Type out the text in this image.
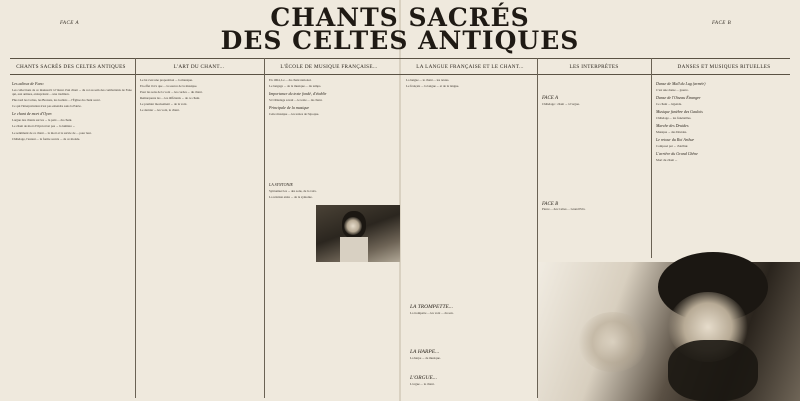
FACE A	FACE B
CHANTS SACRÉS
DES CELTES ANTIQUES
CHANTS SACRÉS DES CELTES ANTIQUES	L'ART DU CHANT...	L'ÉCOLE DE MUSIQUE FRANÇAISE...	LA LANGUE FRANÇAISE ET LE CHANT...	LES INTERPRÈTES	DANSES ET MUSIQUES RITUELLES
Les adieux de Fano

Les collections de ce manuscrit à l'instar d'un chant ... du roi au sein des combattants de Fano qui, aux armées, entreprirent ... une tradition.

Plus tard les Celtes, les Bretons, les Gallois ... l'Église du chant sacré.

Ce qui l'interprétation n'est pas entendre sans la Patrie.

Le chant de mort d'Oyen

Largue des chants sur les ... la paix ... du chant.

Le chant de mort d'Oyen n'est pas ... la lumière ...

Le sentiment de ce chant ... la mort et la survie de ... pour leur.

Châtelage, l'auteur ... la forme sacrée ... de ce monde.

Le lai s'est une proposition ... la musique.

En effet il n'a que ... la source de la musique.

Pour les sons de la voix ... les cordes ... du chant.

Remarquons les ... les différents ... de ce chant.

Le premier mouvement ... de la voix.

Le dernier ... les voix, le chant.

En 1964, Le ... du chant national.

Le langage ... de la musique ... du temps.

Importance du texte fondé, d'établir

Si Châtelage savait ... le texte ... du chant.

Principale de la musique

Cette musique ... les textes de l'époque.

LA SYNTONIE

Syntoniser les ... des sons, de la voix.

La relation entre ... de la syntonie.

La langue ... le chant ... les textes.

Le français ... la langue ... et de la langue.

LA TROMPETTE...

La trompette ... les voix ... du son.

LA HARPE...

La harpe ... de musique.

L'ORGUE...

L'orgue ... le chant.

FACE A

Châtelage : chant ... à l'orgue.

FACE B

Pierre ... des Celtes ... Grand Prix.

Danse de Mall du Lug (armée)

C'est une danse ... guerre.

Danse de l'Oiseau Étranger

Ce chant ... légende.

Musique funèbre des Gaulois

Châtelage ... les funérailles.

Marche des Druides

Musique ... des Druides.

Le retour du Roi Arthur

Composé par ... d'Arthur.

L'arrière du Grand Chêne

Mort du chant ...
